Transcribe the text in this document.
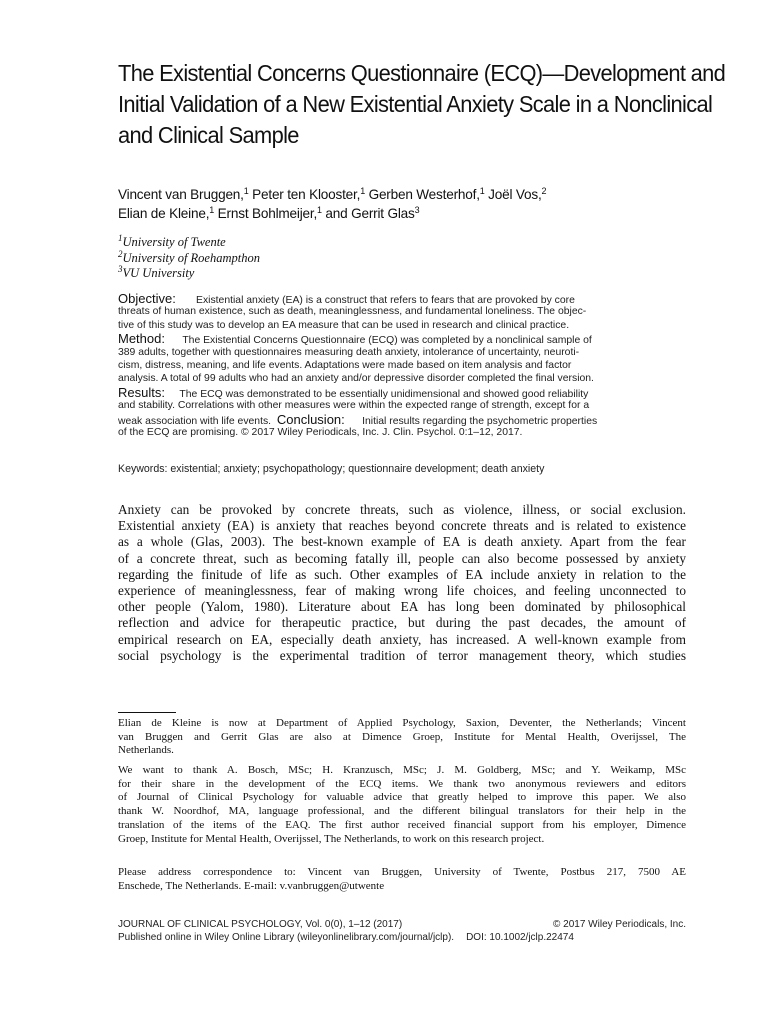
The Existential Concerns Questionnaire (ECQ)—Development and
Initial Validation of a New Existential Anxiety Scale in a Nonclinical
and Clinical Sample
Vincent van Bruggen,$^1$ Peter ten Klooster,$^1$ Gerben Westerhof,$^1$ Joël Vos,$^2$
Elian de Kleine,$^1$ Ernst Bohlmeijer,$^1$ and Gerrit Glas$^3$
$^1$University of Twente
$^2$University of Roehampthon
$^3$VU University
Objective: Existential anxiety (EA) is a construct that refers to fears that are provoked by core
threats of human existence, such as death, meaninglessness, and fundamental loneliness. The objec-
tive of this study was to develop an EA measure that can be used in research and clinical practice.
Method: The Existential Concerns Questionnaire (ECQ) was completed by a nonclinical sample of
389 adults, together with questionnaires measuring death anxiety, intolerance of uncertainty, neuroti-
cism, distress, meaning, and life events. Adaptations were made based on item analysis and factor
analysis. A total of 99 adults who had an anxiety and/or depressive disorder completed the final version.
Results: The ECQ was demonstrated to be essentially unidimensional and showed good reliability
and stability. Correlations with other measures were within the expected range of strength, except for a
weak association with life events. Conclusion: Initial results regarding the psychometric properties
of the ECQ are promising. © 2017 Wiley Periodicals, Inc. J. Clin. Psychol. 0:1–12, 2017.
Keywords: existential; anxiety; psychopathology; questionnaire development; death anxiety
Anxiety can be provoked by concrete threats, such as violence, illness, or social exclusion.
Existential anxiety (EA) is anxiety that reaches beyond concrete threats and is related to existence
as a whole (Glas, 2003). The best-known example of EA is death anxiety. Apart from the fear
of a concrete threat, such as becoming fatally ill, people can also become possessed by anxiety
regarding the finitude of life as such. Other examples of EA include anxiety in relation to the
experience of meaninglessness, fear of making wrong life choices, and feeling unconnected to
other people (Yalom, 1980). Literature about EA has long been dominated by philosophical
reflection and advice for therapeutic practice, but during the past decades, the amount of
empirical research on EA, especially death anxiety, has increased. A well-known example from
social psychology is the experimental tradition of terror management theory, which studies
Elian de Kleine is now at Department of Applied Psychology, Saxion, Deventer, the Netherlands; Vincent
van Bruggen and Gerrit Glas are also at Dimence Groep, Institute for Mental Health, Overijssel, The
Netherlands.
We want to thank A. Bosch, MSc; H. Kranzusch, MSc; J. M. Goldberg, MSc; and Y. Weikamp, MSc
for their share in the development of the ECQ items. We thank two anonymous reviewers and editors
of Journal of Clinical Psychology for valuable advice that greatly helped to improve this paper. We also
thank W. Noordhof, MA, language professional, and the different bilingual translators for their help in the
translation of the items of the EAQ. The first author received financial support from his employer, Dimence
Groep, Institute for Mental Health, Overijssel, The Netherlands, to work on this research project.
Please address correspondence to: Vincent van Bruggen, University of Twente, Postbus 217, 7500 AE
Enschede, The Netherlands. E-mail: v.vanbruggen@utwente
JOURNAL OF CLINICAL PSYCHOLOGY, Vol. 0(0), 1–12 (2017)	© 2017 Wiley Periodicals, Inc.
Published online in Wiley Online Library (wileyonlinelibrary.com/journal/jclp). DOI: 10.1002/jclp.22474
